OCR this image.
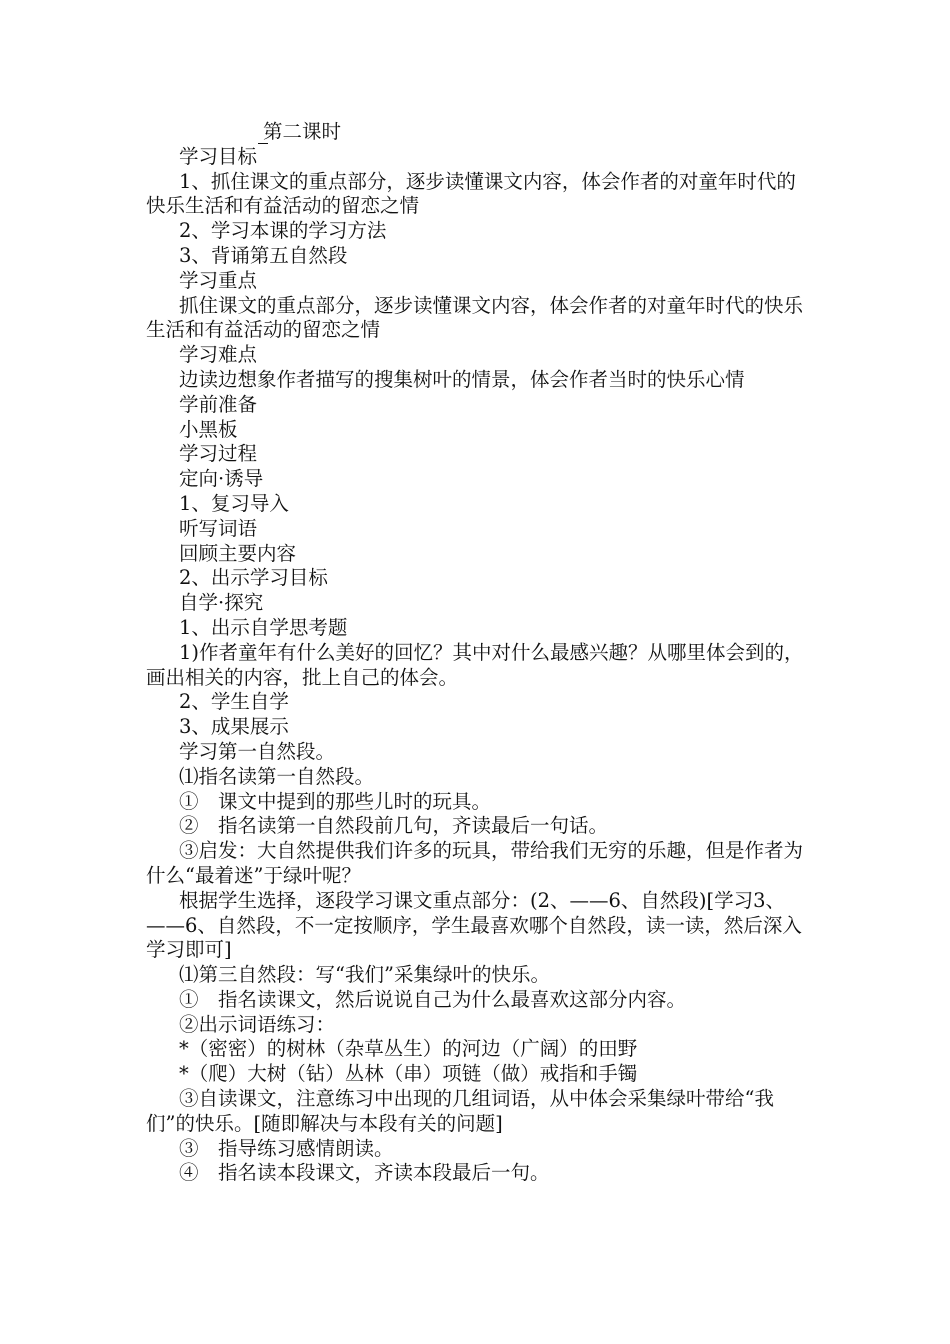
第二课时

学习目标

1、抓住课文的重点部分，逐步读懂课文内容，体会作者的对童年时代的快乐生活和有益活动的留恋之情

2、学习本课的学习方法

3、背诵第五自然段

学习重点

抓住课文的重点部分，逐步读懂课文内容，体会作者的对童年时代的快乐生活和有益活动的留恋之情

学习难点

边读边想象作者描写的搜集树叶的情景，体会作者当时的快乐心情

学前准备

小黑板

学习过程

定向·诱导

1、复习导入

听写词语

回顾主要内容

2、出示学习目标

自学·探究

1、出示自学思考题

1)作者童年有什么美好的回忆？其中对什么最感兴趣？从哪里体会到的，画出相关的内容，批上自己的体会。

2、学生自学

3、成果展示

学习第一自然段。

⑴指名读第一自然段。

①　课文中提到的那些儿时的玩具。

②　指名读第一自然段前几句，齐读最后一句话。

③启发：大自然提供我们许多的玩具，带给我们无穷的乐趣，但是作者为什么“最着迷”于绿叶呢？

根据学生选择，逐段学习课文重点部分：(2、——6、自然段)[学习3、——6、自然段，不一定按顺序，学生最喜欢哪个自然段，读一读，然后深入学习即可]

⑴第三自然段：写“我们”采集绿叶的快乐。

①　指名读课文，然后说说自己为什么最喜欢这部分内容。

②出示词语练习：

*（密密）的树林（杂草丛生）的河边（广阔）的田野

*（爬）大树（钻）丛林（串）项链（做）戒指和手镯

③自读课文，注意练习中出现的几组词语，从中体会采集绿叶带给“我们”的快乐。[随即解决与本段有关的问题]

③　指导练习感情朗读。

④　指名读本段课文，齐读本段最后一句。
